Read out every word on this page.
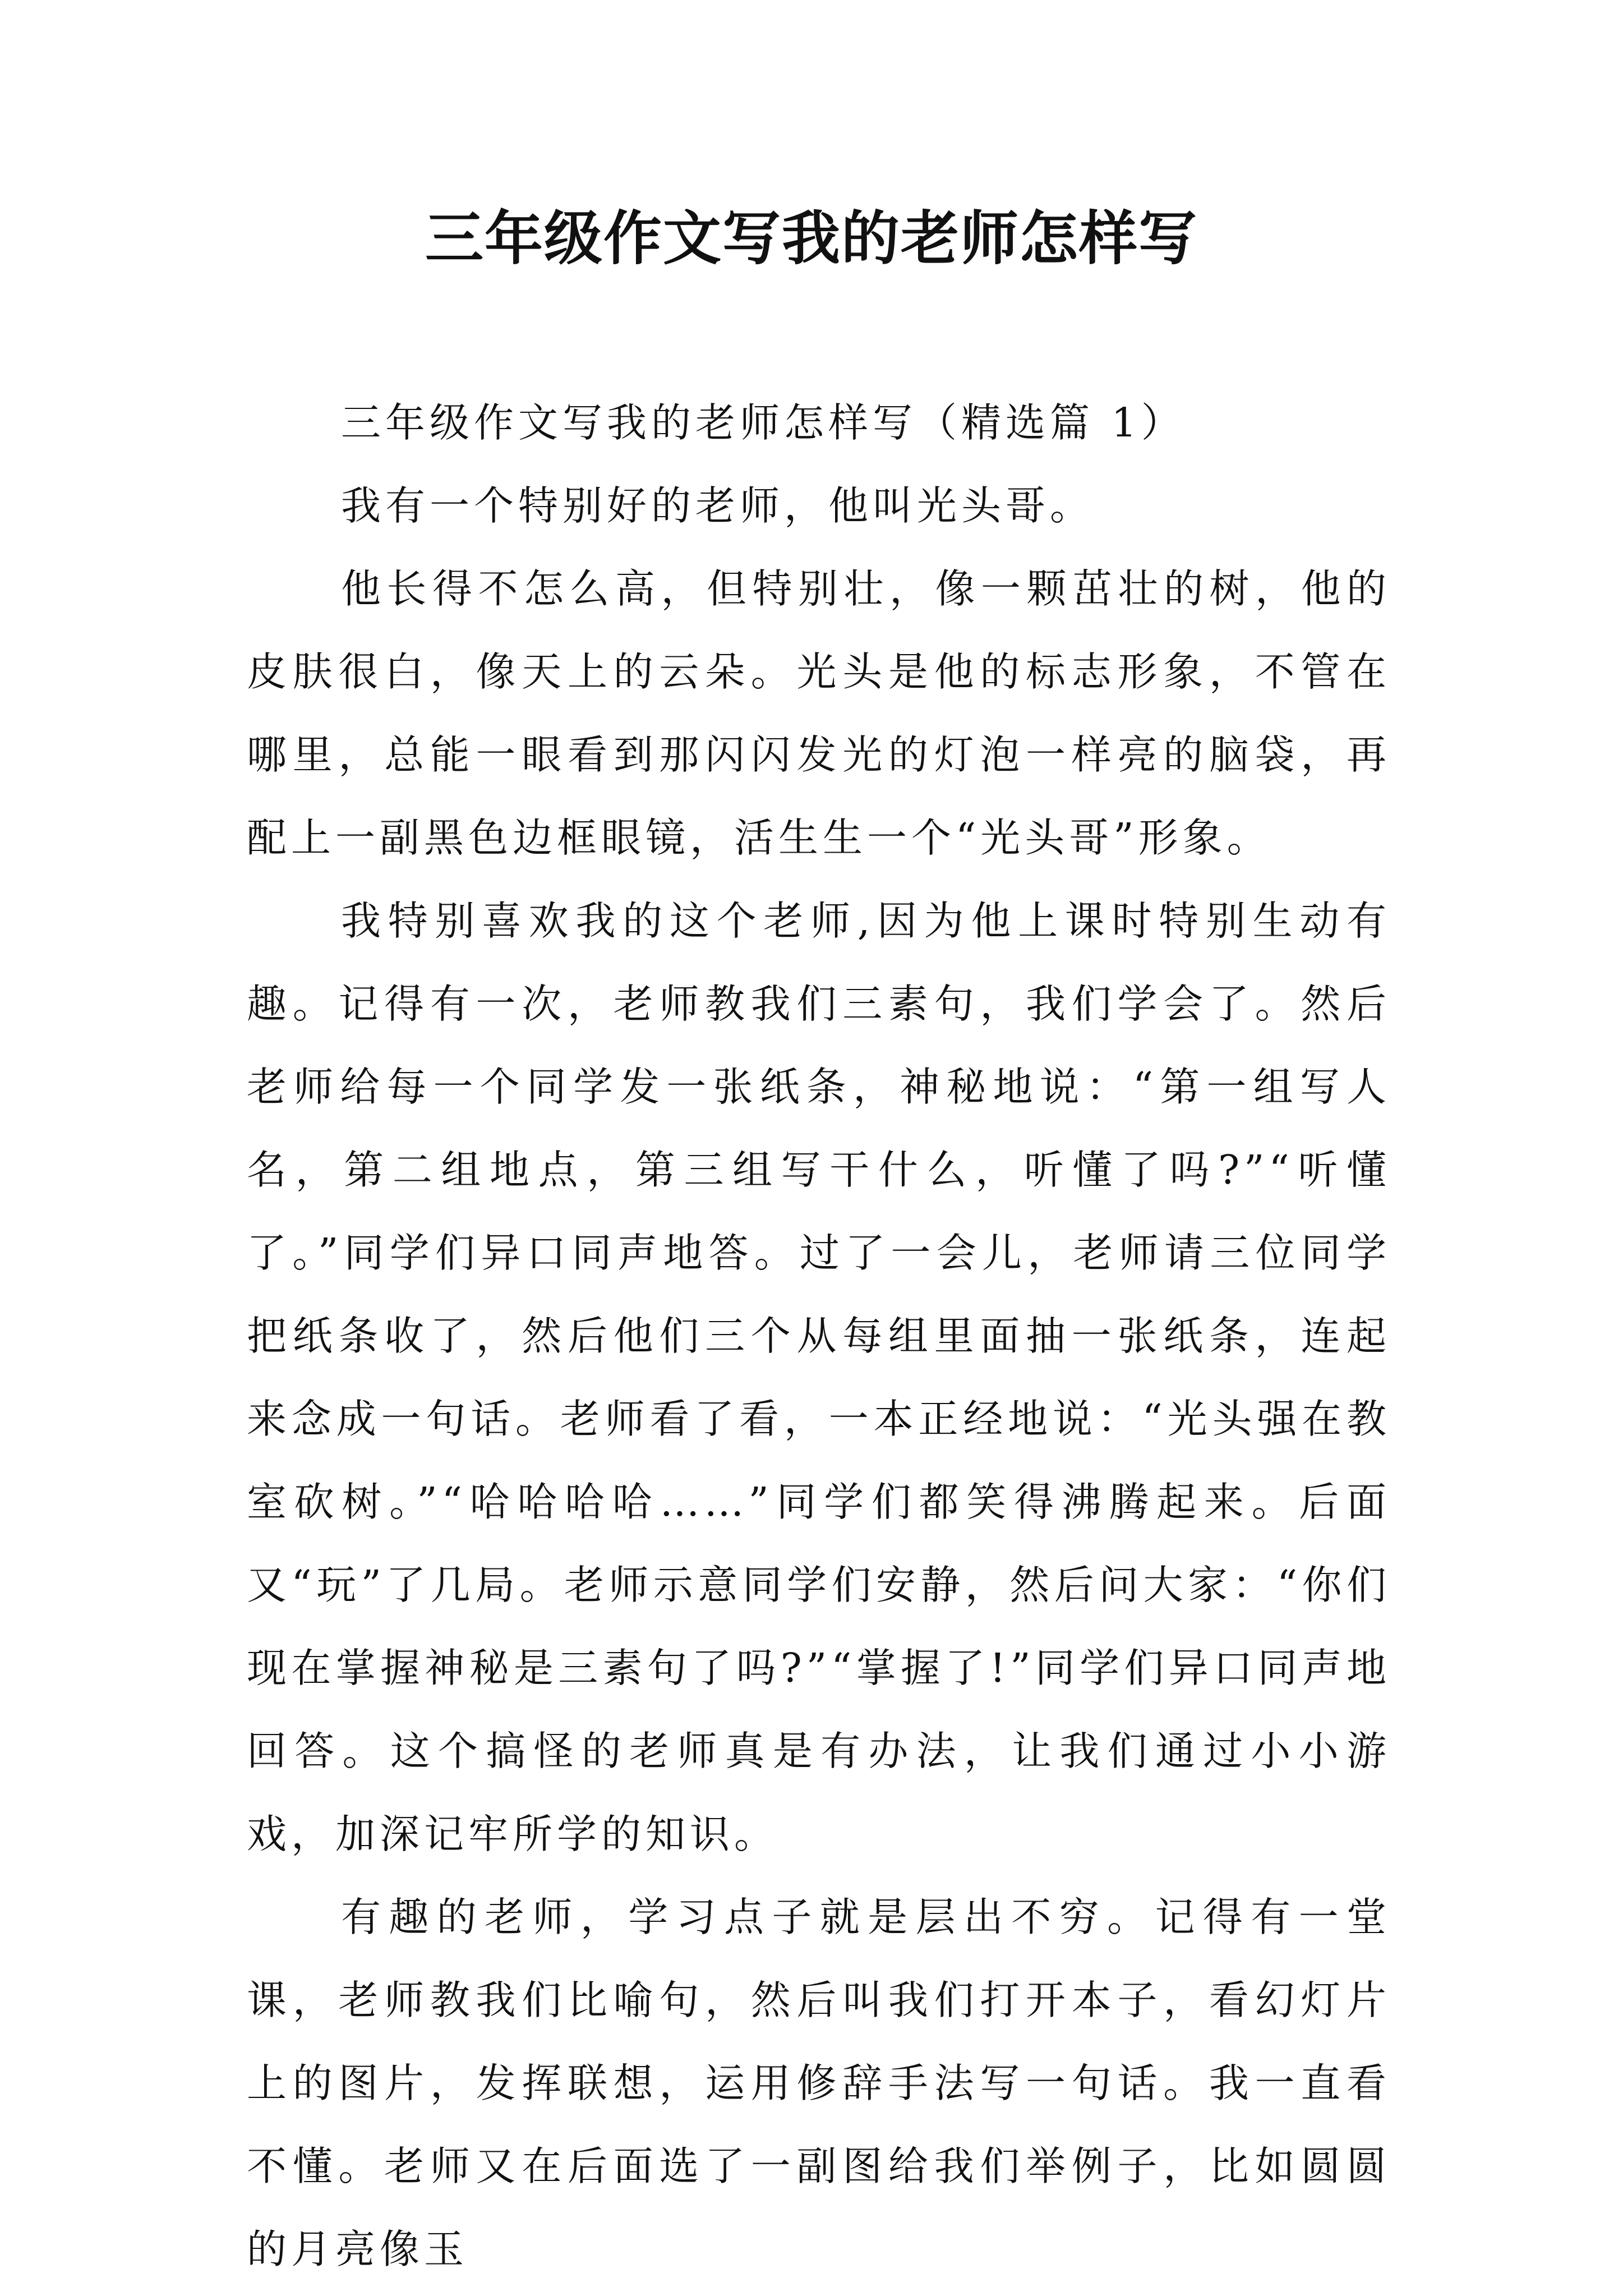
三年级作文写我的老师怎样写

三年级作文写我的老师怎样写（精选篇 1）

我有一个特别好的老师，他叫光头哥。

他长得不怎么高，但特别壮，像一颗茁壮的树，他的皮肤很白，像天上的云朵。光头是他的标志形象，不管在哪里，总能一眼看到那闪闪发光的灯泡一样亮的脑袋，再配上一副黑色边框眼镜，活生生一个“光头哥”形象。

我特别喜欢我的这个老师,因为他上课时特别生动有趣。记得有一次，老师教我们三素句，我们学会了。然后老师给每一个同学发一张纸条，神秘地说：“第一组写人名，第二组地点，第三组写干什么，听懂了吗?”“听懂了。”同学们异口同声地答。过了一会儿，老师请三位同学把纸条收了，然后他们三个从每组里面抽一张纸条，连起来念成一句话。老师看了看，一本正经地说：“光头强在教室砍树。”“哈哈哈哈……”同学们都笑得沸腾起来。后面又“玩”了几局。老师示意同学们安静，然后问大家：“你们现在掌握神秘是三素句了吗?”“掌握了!”同学们异口同声地回答。这个搞怪的老师真是有办法，让我们通过小小游戏，加深记牢所学的知识。

有趣的老师，学习点子就是层出不穷。记得有一堂课，老师教我们比喻句，然后叫我们打开本子，看幻灯片上的图片，发挥联想，运用修辞手法写一句话。我一直看不懂。老师又在后面选了一副图给我们举例子，比如圆圆的月亮像玉
